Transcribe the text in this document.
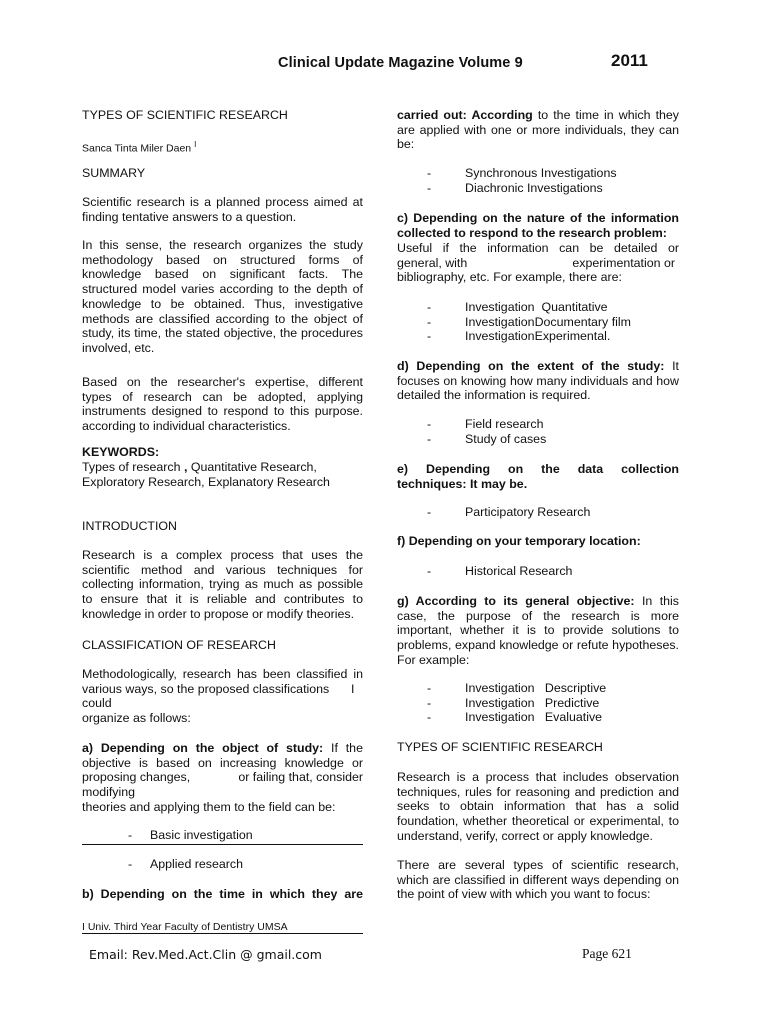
Clinical Update Magazine Volume 9	2011
TYPES OF SCIENTIFIC RESEARCH
Sanca Tinta Miler Daen $^I$
SUMMARY
Scientific research is a planned process aimed at finding tentative answers to a question.
In this sense, the research organizes the study methodology based on structured forms of knowledge based on significant facts. The structured model varies according to the depth of knowledge to be obtained. Thus, investigative methods are classified according to the object of study, its time, the stated objective, the procedures involved, etc.
Based on the researcher's expertise, different types of research can be adopted, applying instruments designed to respond to this purpose. according to individual characteristics.
KEYWORDS:
Types of research , Quantitative Research,
Exploratory Research, Explanatory Research
INTRODUCTION
Research is a complex process that uses the scientific method and various techniques for collecting information, trying as much as possible to ensure that it is reliable and contributes to knowledge in order to propose or modify theories.
CLASSIFICATION OF RESEARCH
Methodologically, research has been classified in
various ways, so the proposed classifications I
could
organize as follows:
a) Depending on the object of study: If the
objective is based on increasing knowledge or
proposing changes,	or failing that, consider
modifying
theories and applying them to the field can be:
- Basic investigation
- Applied research
b) Depending on the time in which they are
I Univ. Third Year Faculty of Dentistry UMSA
carried out: According to the time in which they are applied with one or more individuals, they can be:
- Synchronous Investigations
- Diachronic Investigations
c) Depending on the nature of the information collected to respond to the research problem:
Useful if the information can be detailed or
general, with	experimentation or
bibliography, etc. For example, there are:
- Investigation  Quantitative
- InvestigationDocumentary film
- InvestigationExperimental.
d) Depending on the extent of the study: It focuses on knowing how many individuals and how detailed the information is required.
- Field research
- Study of cases
e) Depending on the data collection
techniques: It may be.
- Participatory Research
f) Depending on your temporary location:
- Historical Research
g) According to its general objective: In this case, the purpose of the research is more important, whether it is to provide solutions to problems, expand knowledge or refute hypotheses. For example:
- Investigation   Descriptive
- Investigation   Predictive
- Investigation   Evaluative
TYPES OF SCIENTIFIC RESEARCH
Research is a process that includes observation techniques, rules for reasoning and prediction and seeks to obtain information that has a solid foundation, whether theoretical or experimental, to understand, verify, correct or apply knowledge.
There are several types of scientific research, which are classified in different ways depending on the point of view with which you want to focus:
Email: Rev.Med.Act.Clin @ gmail.com	Page 621
